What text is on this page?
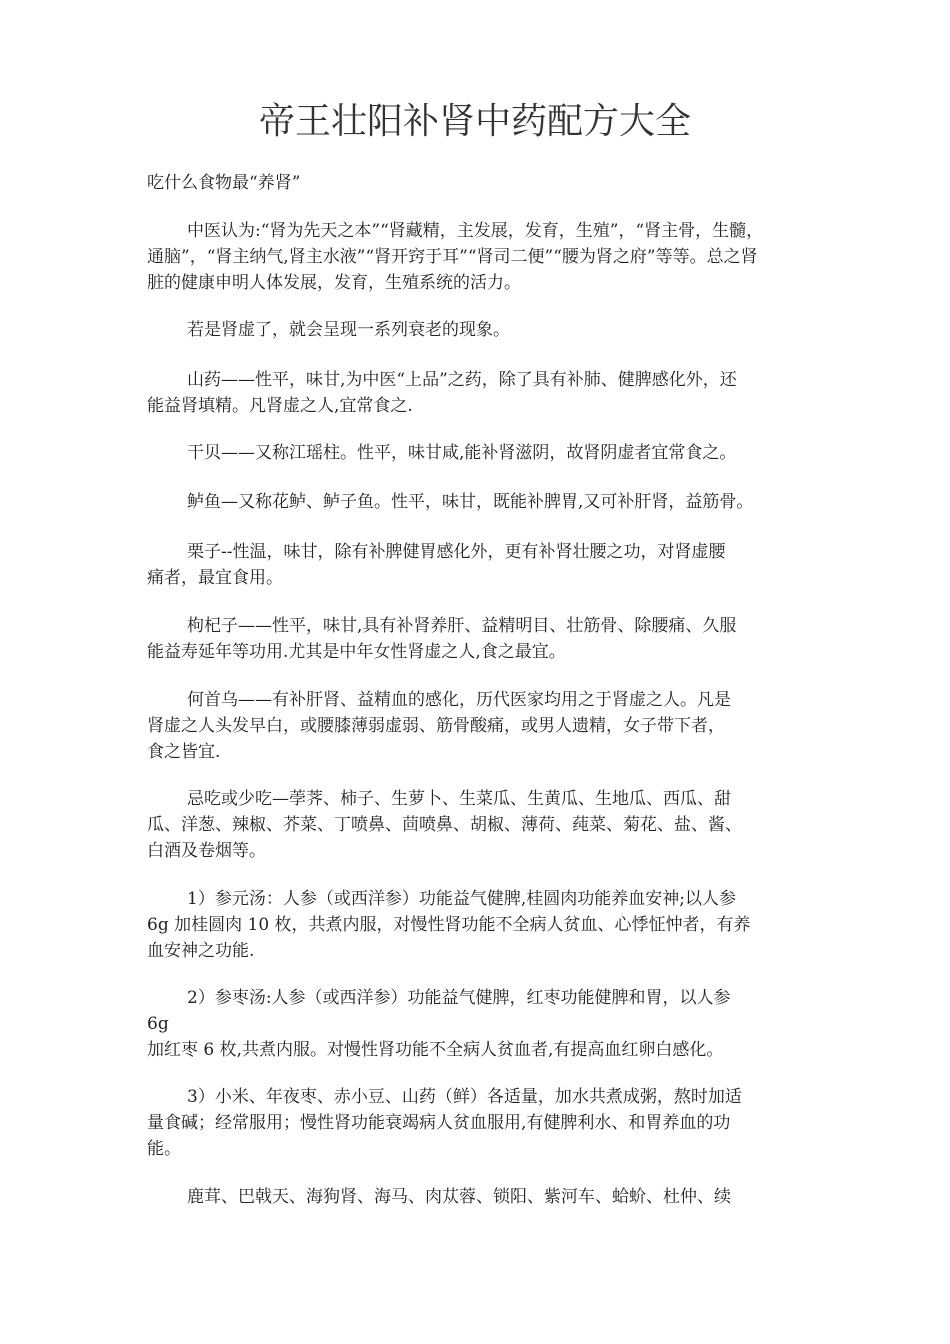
帝王壮阳补肾中药配方大全
吃什么食物最“养肾”
中医认为:“肾为先天之本”“肾藏精，主发展，发育，生殖”，“肾主骨，生髓，
通脑”，“肾主纳气,肾主水液”“肾开窍于耳”“肾司二便”“腰为肾之府”等等。总之肾
脏的健康申明人体发展，发育，生殖系统的活力。
若是肾虚了，就会呈现一系列衰老的现象。
山药——性平，味甘,为中医“上品”之药，除了具有补肺、健脾感化外，还
能益肾填精。凡肾虚之人,宜常食之.
干贝——又称江瑶柱。性平，味甘咸,能补肾滋阴，故肾阴虚者宜常食之。
鲈鱼—又称花鲈、鲈子鱼。性平，味甘，既能补脾胃,又可补肝肾，益筋骨。
栗子--性温，味甘，除有补脾健胃感化外，更有补肾壮腰之功，对肾虚腰
痛者，最宜食用。
枸杞子——性平，味甘,具有补肾养肝、益精明目、壮筋骨、除腰痛、久服
能益寿延年等功用.尤其是中年女性肾虚之人,食之最宜。
何首乌——有补肝肾、益精血的感化，历代医家均用之于肾虚之人。凡是
肾虚之人头发早白，或腰膝薄弱虚弱、筋骨酸痛，或男人遗精，女子带下者，
食之皆宜.
忌吃或少吃—荸荠、柿子、生萝卜、生菜瓜、生黄瓜、生地瓜、西瓜、甜
瓜、洋葱、辣椒、芥菜、丁喷鼻、茴喷鼻、胡椒、薄荷、莼菜、菊花、盐、酱、
白酒及卷烟等。
1）参元汤：人参（或西洋参）功能益气健脾,桂圆肉功能养血安神;以人参
6g 加桂圆肉 10 枚，共煮内服，对慢性肾功能不全病人贫血、心悸怔忡者，有养
血安神之功能.
2）参枣汤:人参（或西洋参）功能益气健脾，红枣功能健脾和胃，以人参
6g
加红枣 6 枚,共煮内服。对慢性肾功能不全病人贫血者,有提高血红卵白感化。
3）小米、年夜枣、赤小豆、山药（鲜）各适量，加水共煮成粥，熬时加适
量食碱；经常服用；慢性肾功能衰竭病人贫血服用,有健脾利水、和胃养血的功
能。
鹿茸、巴戟天、海狗肾、海马、肉苁蓉、锁阳、紫河车、蛤蚧、杜仲、续
